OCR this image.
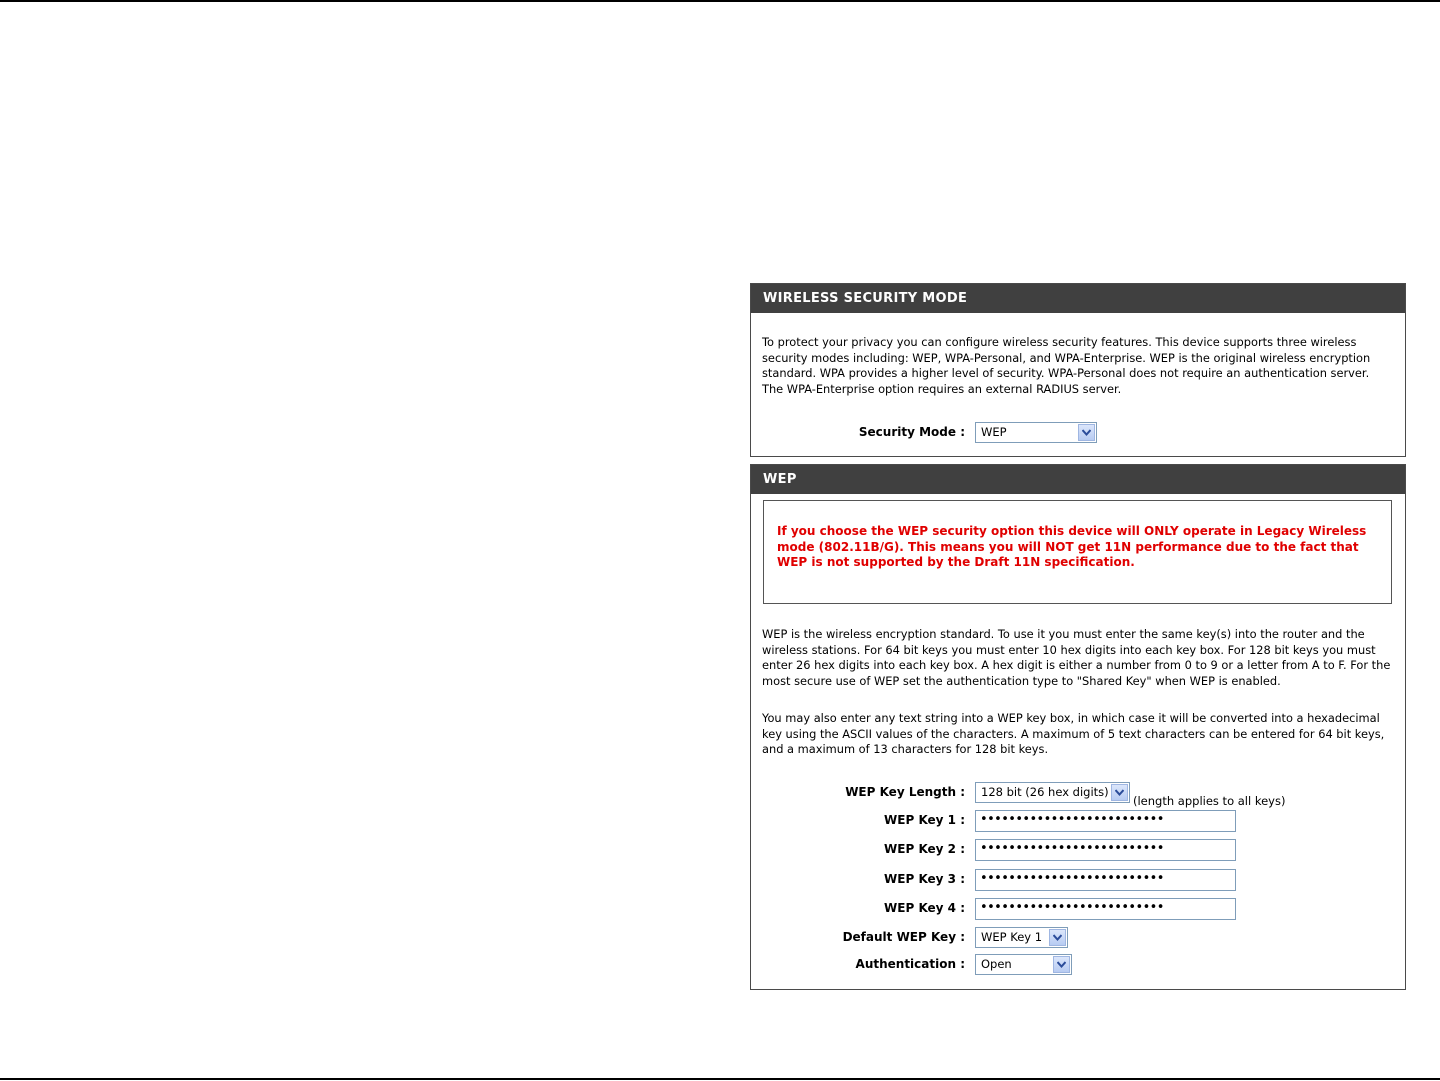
WIRELESS SECURITY MODE

To protect your privacy you can configure wireless security features. This device supports three wireless security modes including: WEP, WPA-Personal, and WPA-Enterprise. WEP is the original wireless encryption standard. WPA provides a higher level of security. WPA-Personal does not require an authentication server. The WPA-Enterprise option requires an external RADIUS server.

Security Mode :	WEP
WEP

If you choose the WEP security option this device will ONLY operate in Legacy Wireless mode (802.11B/G). This means you will NOT get 11N performance due to the fact that WEP is not supported by the Draft 11N specification.

WEP is the wireless encryption standard. To use it you must enter the same key(s) into the router and the wireless stations. For 64 bit keys you must enter 10 hex digits into each key box. For 128 bit keys you must enter 26 hex digits into each key box. A hex digit is either a number from 0 to 9 or a letter from A to F. For the most secure use of WEP set the authentication type to "Shared Key" when WEP is enabled.

You may also enter any text string into a WEP key box, in which case it will be converted into a hexadecimal key using the ASCII values of the characters. A maximum of 5 text characters can be entered for 64 bit keys, and a maximum of 13 characters for 128 bit keys.

WEP Key Length :	128 bit (26 hex digits)
(length applies to all keys)
WEP Key 1 :	••••••••••••••••••••••••••
WEP Key 2 :	••••••••••••••••••••••••••
WEP Key 3 :	••••••••••••••••••••••••••
WEP Key 4 :	••••••••••••••••••••••••••
Default WEP Key :	WEP Key 1
Authentication :	Open
